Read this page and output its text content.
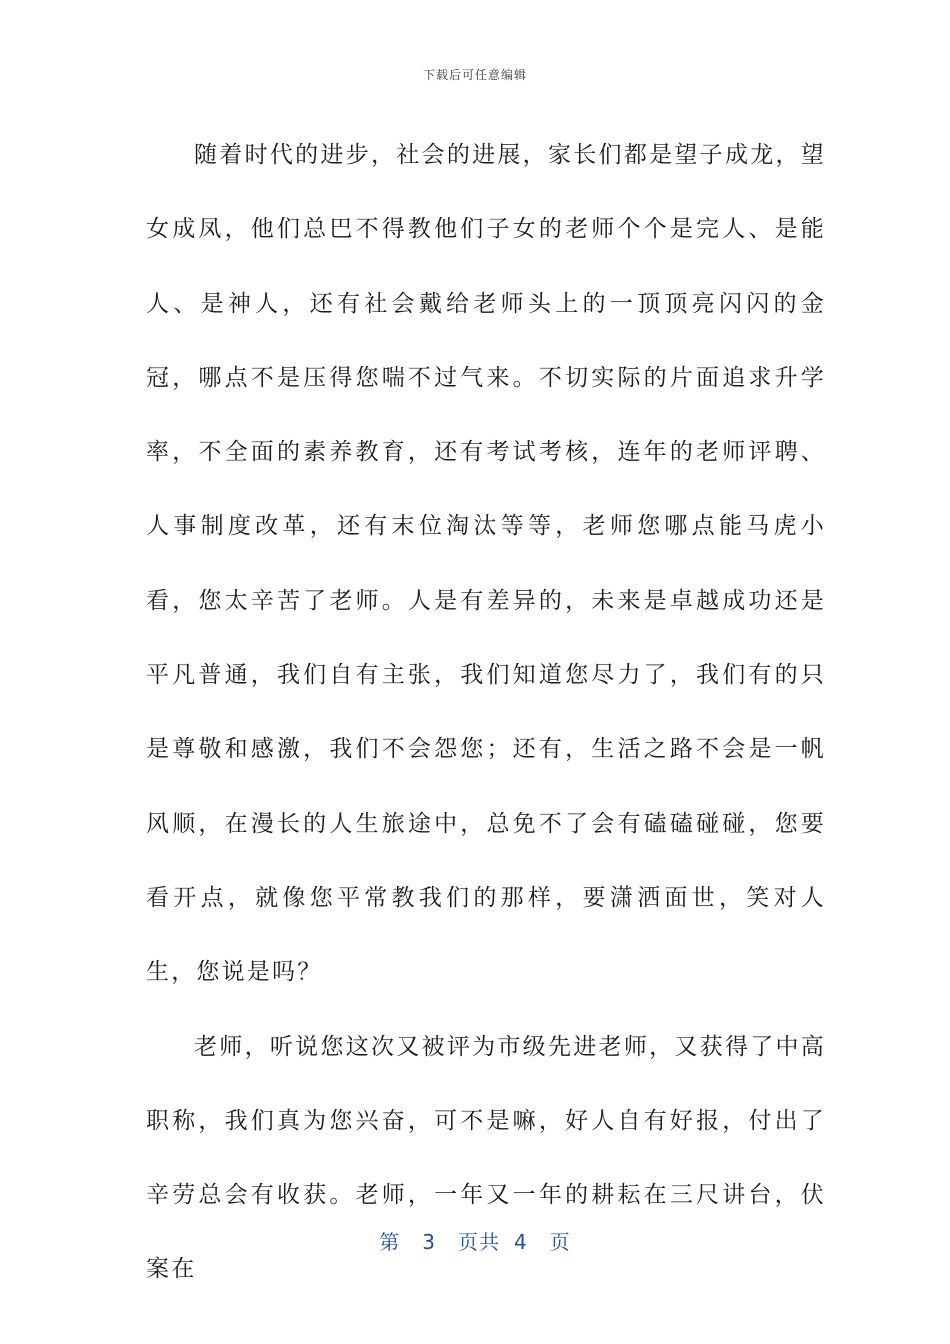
下载后可任意编辑

随着时代的进步，社会的进展，家长们都是望子成龙，望女成凤，他们总巴不得教他们子女的老师个个是完人、是能人、是神人，还有社会戴给老师头上的一顶顶亮闪闪的金冠，哪点不是压得您喘不过气来。不切实际的片面追求升学率，不全面的素养教育，还有考试考核，连年的老师评聘、人事制度改革，还有末位淘汰等等，老师您哪点能马虎小看，您太辛苦了老师。人是有差异的，未来是卓越成功还是平凡普通，我们自有主张，我们知道您尽力了，我们有的只是尊敬和感激，我们不会怨您；还有，生活之路不会是一帆风顺，在漫长的人生旅途中，总免不了会有磕磕碰碰，您要看开点，就像您平常教我们的那样，要潇洒面世，笑对人生，您说是吗？

老师，听说您这次又被评为市级先进老师，又获得了中高职称，我们真为您兴奋，可不是嘛，好人自有好报，付出了辛劳总会有收获。老师，一年又一年的耕耘在三尺讲台，伏案在

第 3 页共 4 页
